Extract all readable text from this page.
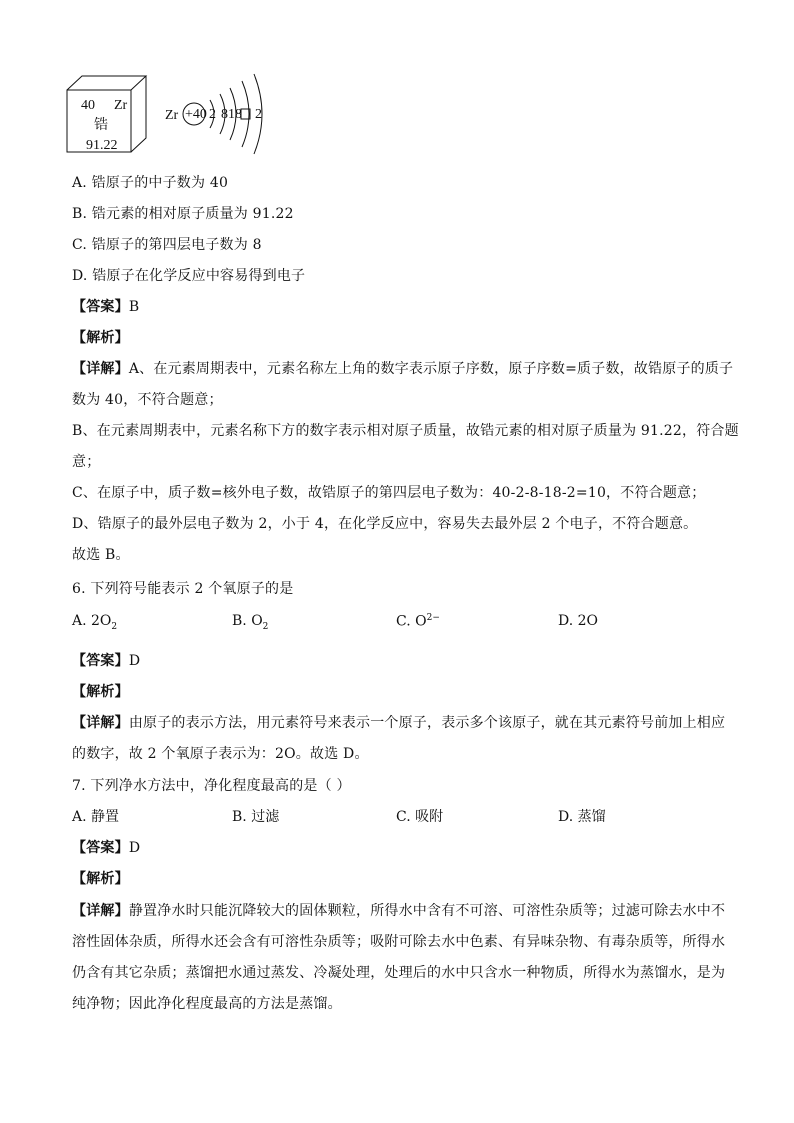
40 Zr
锆
91.22
Zr +40 2 8 18 2
A. 锆原子的中子数为 40
B. 锆元素的相对原子质量为 91.22
C. 锆原子的第四层电子数为 8
D. 锆原子在化学反应中容易得到电子
【答案】B
【解析】
【详解】A、在元素周期表中，元素名称左上角的数字表示原子序数，原子序数=质子数，故锆原子的质子
数为 40，不符合题意；
B、在元素周期表中，元素名称下方的数字表示相对原子质量，故锆元素的相对原子质量为 91.22，符合题
意；
C、在原子中，质子数=核外电子数，故锆原子的第四层电子数为：40-2-8-18-2=10，不符合题意；
D、锆原子的最外层电子数为 2，小于 4，在化学反应中，容易失去最外层 2 个电子，不符合题意。
故选 B。
6. 下列符号能表示 2 个氧原子的是
A. $2O_2$	B. $O_2$	C. $O^{2-}$	D. 2O
【答案】D
【解析】
【详解】由原子的表示方法，用元素符号来表示一个原子，表示多个该原子，就在其元素符号前加上相应
的数字，故 2 个氧原子表示为：2O。故选 D。
7. 下列净水方法中，净化程度最高的是（ ）
A. 静置	B. 过滤	C. 吸附	D. 蒸馏
【答案】D
【解析】
【详解】静置净水时只能沉降较大的固体颗粒，所得水中含有不可溶、可溶性杂质等；过滤可除去水中不
溶性固体杂质，所得水还会含有可溶性杂质等；吸附可除去水中色素、有异味杂物、有毒杂质等，所得水
仍含有其它杂质；蒸馏把水通过蒸发、冷凝处理，处理后的水中只含水一种物质，所得水为蒸馏水，是为
纯净物；因此净化程度最高的方法是蒸馏。
